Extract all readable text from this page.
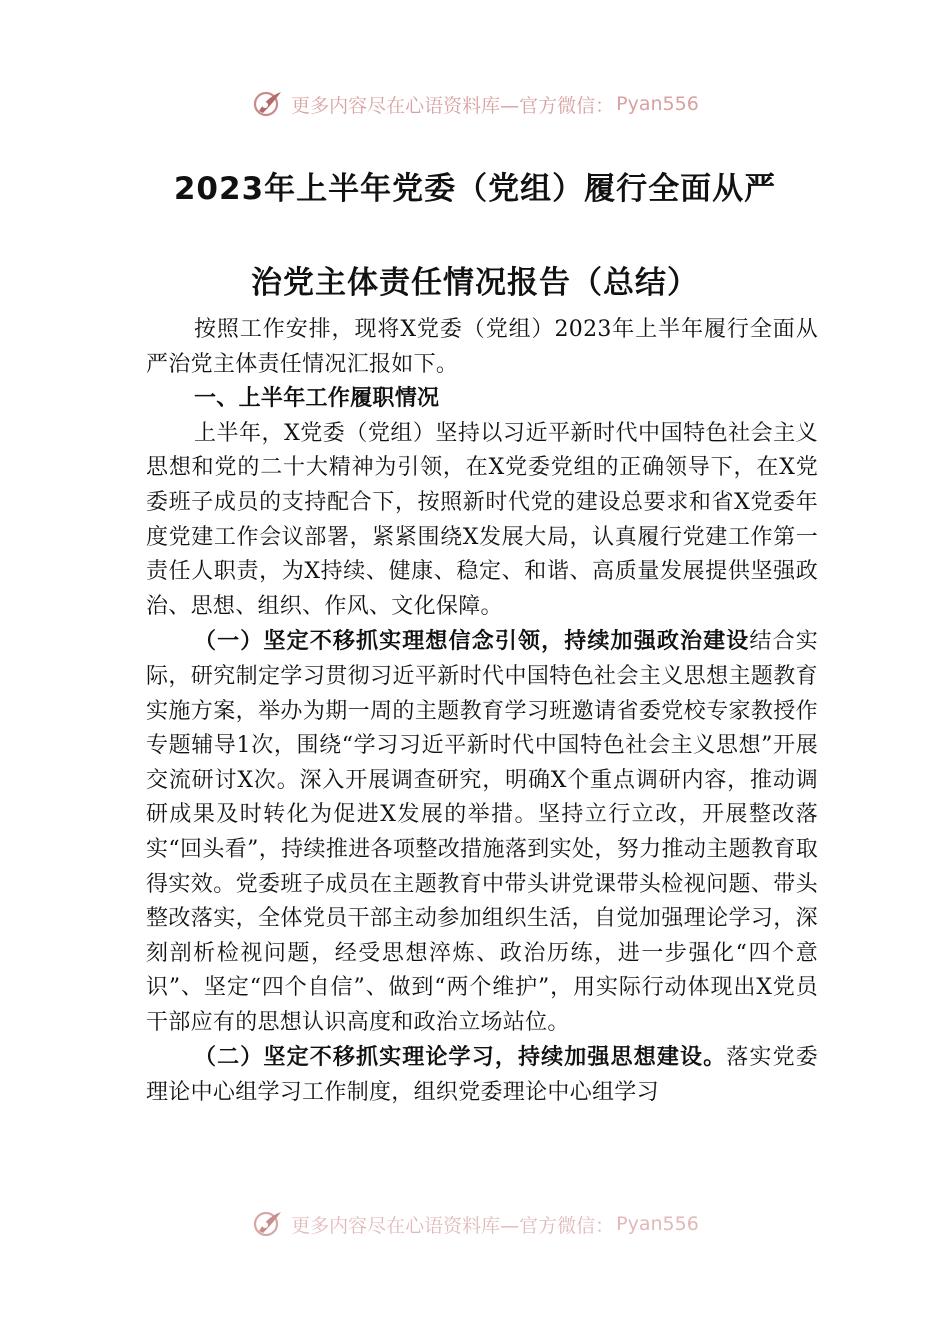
更多内容尽在心语资料库—官方微信： Pyan556
2023年上半年党委（党组）履行全面从严
治党主体责任情况报告（总结）

按照工作安排，现将X党委（党组）2023年上半年履行全面从严治党主体责任情况汇报如下。

一、上半年工作履职情况

上半年，X党委（党组）坚持以习近平新时代中国特色社会主义思想和党的二十大精神为引领，在X党委党组的正确领导下，在X党委班子成员的支持配合下，按照新时代党的建设总要求和省X党委年度党建工作会议部署，紧紧围绕X发展大局，认真履行党建工作第一责任人职责，为X持续、健康、稳定、和谐、高质量发展提供坚强政治、思想、组织、作风、文化保障。

（一）坚定不移抓实理想信念引领，持续加强政治建设结合实际，研究制定学习贯彻习近平新时代中国特色社会主义思想主题教育实施方案，举办为期一周的主题教育学习班邀请省委党校专家教授作专题辅导1次，围绕“学习习近平新时代中国特色社会主义思想”开展交流研讨X次。深入开展调查研究，明确X个重点调研内容，推动调研成果及时转化为促进X发展的举措。坚持立行立改，开展整改落实“回头看”，持续推进各项整改措施落到实处，努力推动主题教育取得实效。党委班子成员在主题教育中带头讲党课带头检视问题、带头整改落实，全体党员干部主动参加组织生活，自觉加强理论学习，深刻剖析检视问题，经受思想淬炼、政治历练，进一步强化“四个意识”、坚定“四个自信”、做到“两个维护”，用实际行动体现出X党员干部应有的思想认识高度和政治立场站位。

（二）坚定不移抓实理论学习，持续加强思想建设。落实党委理论中心组学习工作制度，组织党委理论中心组学习

更多内容尽在心语资料库—官方微信： Pyan556
